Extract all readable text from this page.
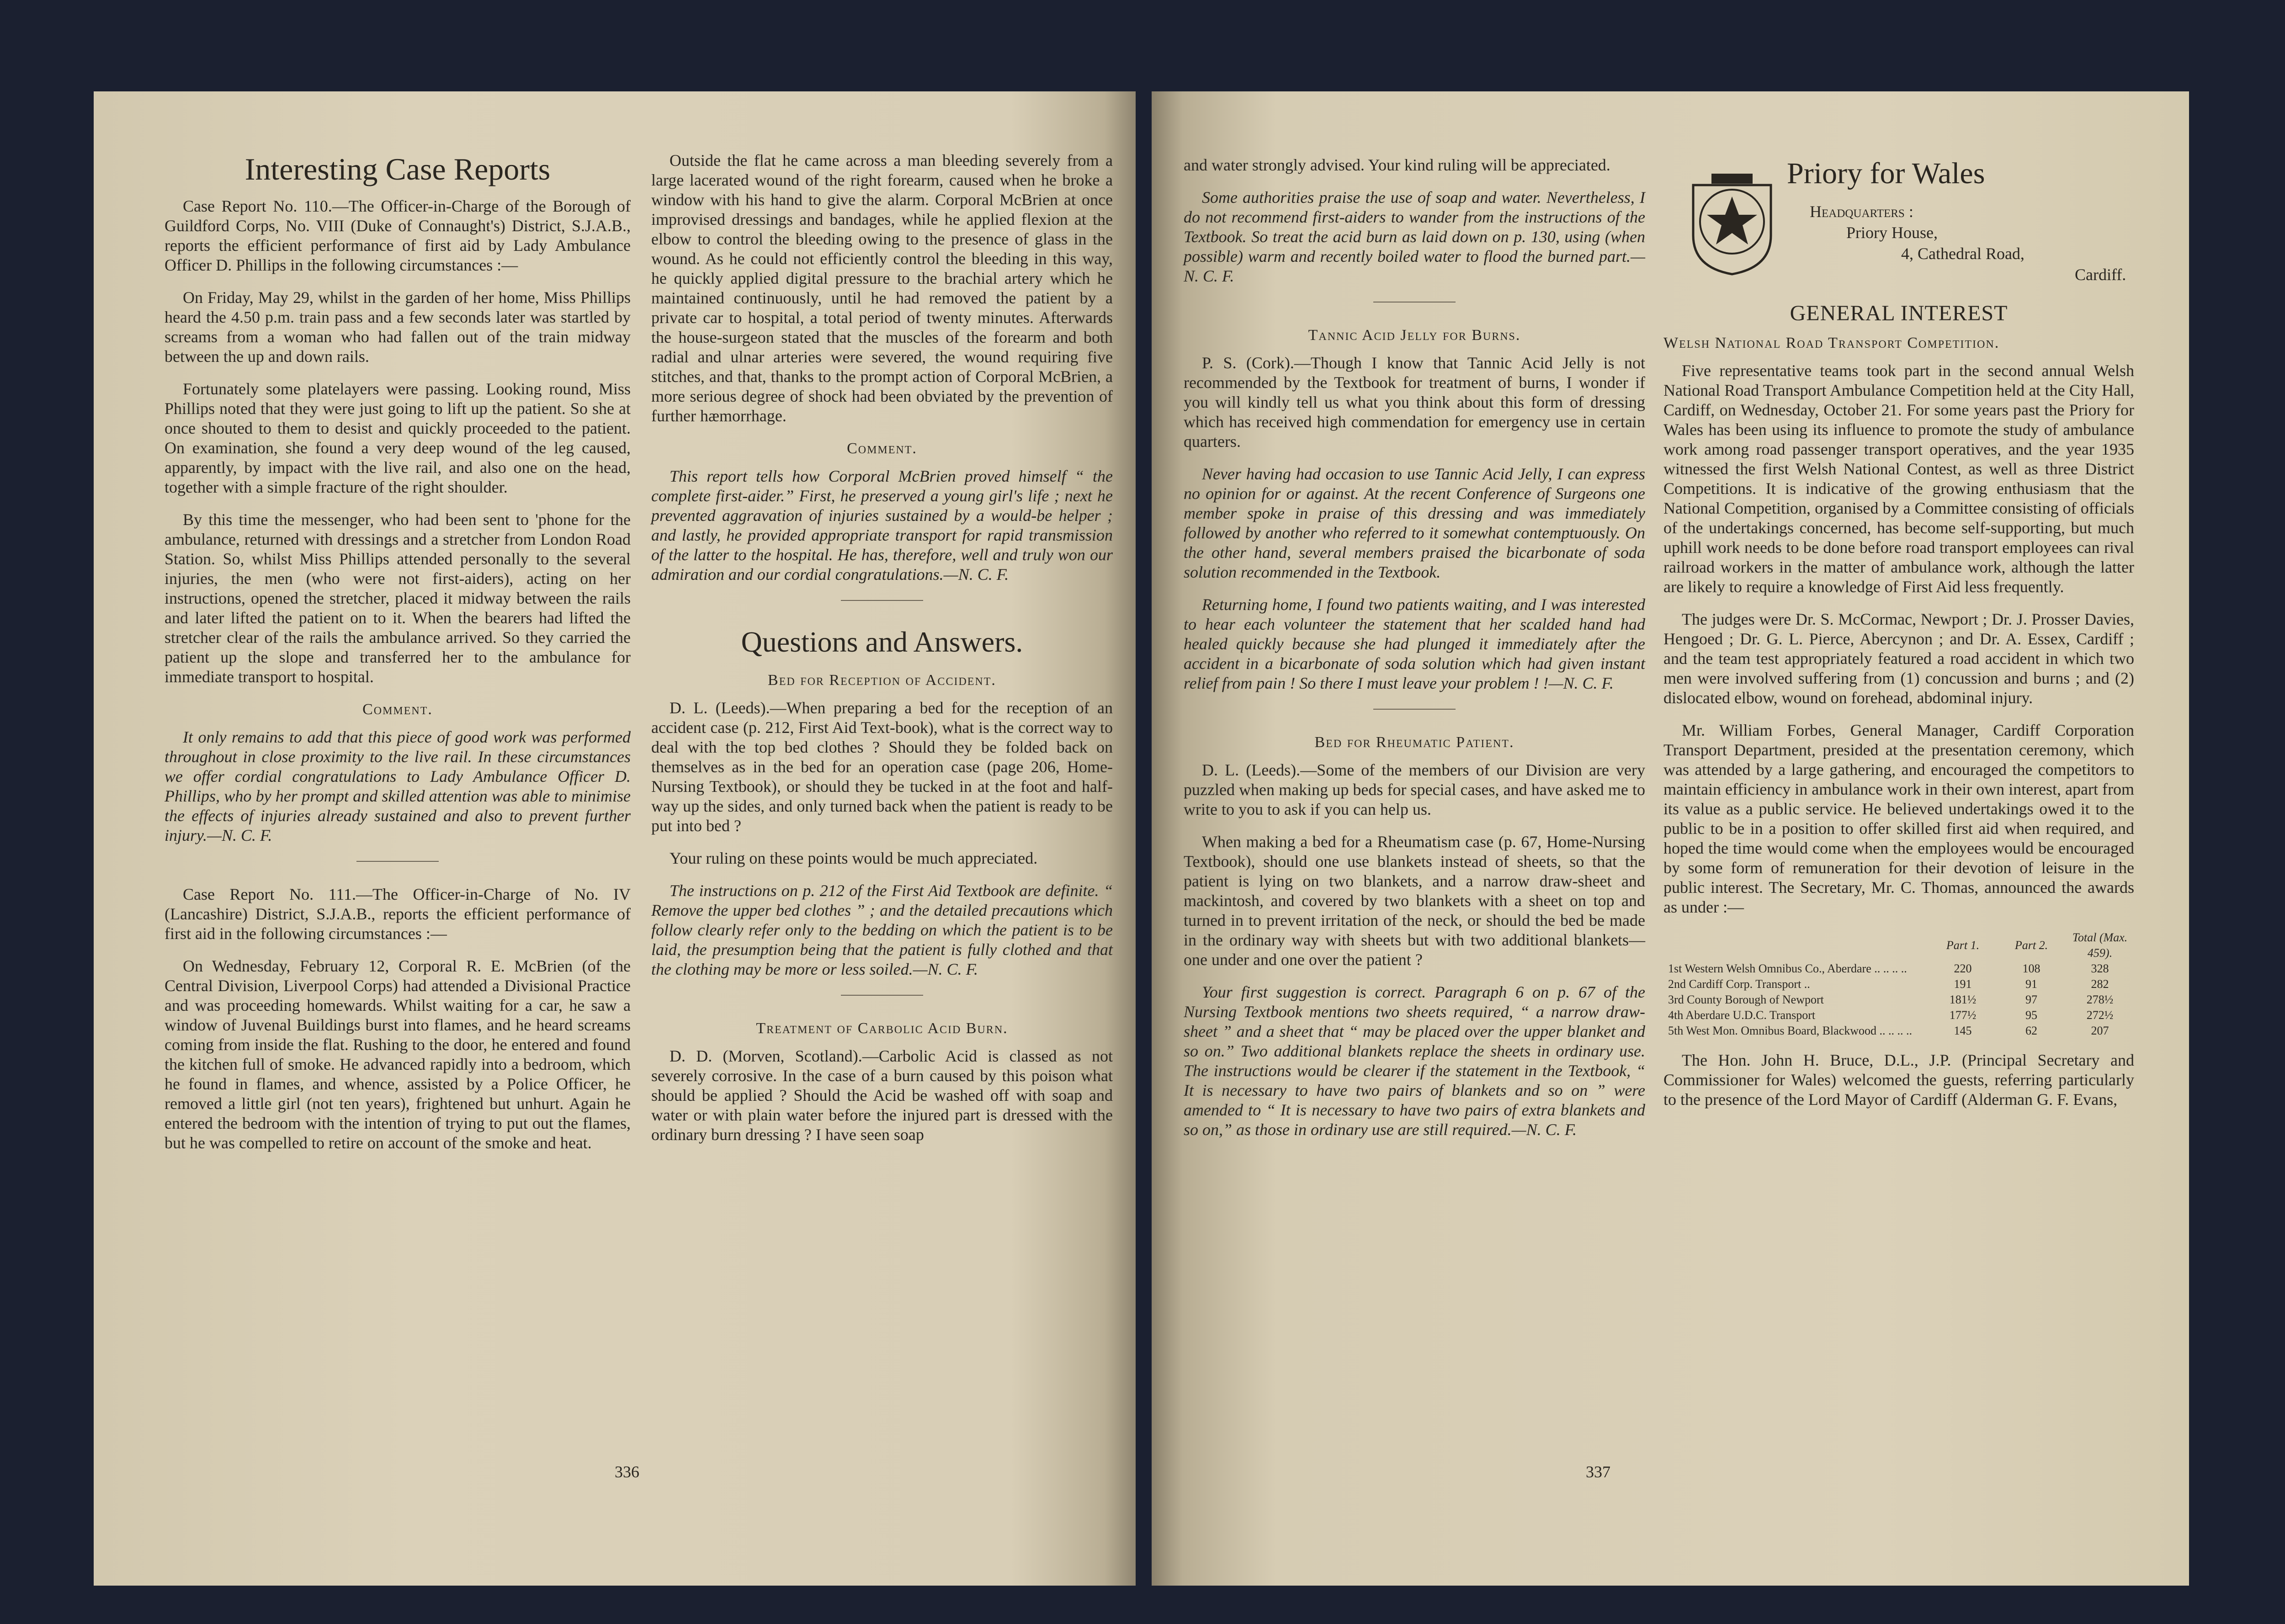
Interesting Case Reports

Case Report No. 110.—The Officer-in-Charge of the Borough of Guildford Corps, No. VIII (Duke of Connaught's) District, S.J.A.B., reports the efficient performance of first aid by Lady Ambulance Officer D. Phillips in the following circumstances :—

On Friday, May 29, whilst in the garden of her home, Miss Phillips heard the 4.50 p.m. train pass and a few seconds later was startled by screams from a woman who had fallen out of the train midway between the up and down rails.

Fortunately some platelayers were passing. Looking round, Miss Phillips noted that they were just going to lift up the patient. So she at once shouted to them to desist and quickly proceeded to the patient. On examination, she found a very deep wound of the leg caused, apparently, by impact with the live rail, and also one on the head, together with a simple fracture of the right shoulder.

By this time the messenger, who had been sent to 'phone for the ambulance, returned with dressings and a stretcher from London Road Station. So, whilst Miss Phillips attended personally to the several injuries, the men (who were not first-aiders), acting on her instructions, opened the stretcher, placed it midway between the rails and later lifted the patient on to it. When the bearers had lifted the stretcher clear of the rails the ambulance arrived. So they carried the patient up the slope and transferred her to the ambulance for immediate transport to hospital.

Comment.

It only remains to add that this piece of good work was performed throughout in close proximity to the live rail. In these circumstances we offer cordial congratulations to Lady Ambulance Officer D. Phillips, who by her prompt and skilled attention was able to minimise the effects of injuries already sustained and also to prevent further injury.—N. C. F.

Case Report No. 111.—The Officer-in-Charge of No. IV (Lancashire) District, S.J.A.B., reports the efficient performance of first aid in the following circumstances :—

On Wednesday, February 12, Corporal R. E. McBrien (of the Central Division, Liverpool Corps) had attended a Divisional Practice and was proceeding homewards. Whilst waiting for a car, he saw a window of Juvenal Buildings burst into flames, and he heard screams coming from inside the flat. Rushing to the door, he entered and found the kitchen full of smoke. He advanced rapidly into a bedroom, which he found in flames, and whence, assisted by a Police Officer, he removed a little girl (not ten years), frightened but unhurt. Again he entered the bedroom with the intention of trying to put out the flames, but he was compelled to retire on account of the smoke and heat.

Outside the flat he came across a man bleeding severely from a large lacerated wound of the right forearm, caused when he broke a window with his hand to give the alarm. Corporal McBrien at once improvised dressings and bandages, while he applied flexion at the elbow to control the bleeding owing to the presence of glass in the wound. As he could not efficiently control the bleeding in this way, he quickly applied digital pressure to the brachial artery which he maintained continuously, until he had removed the patient by a private car to hospital, a total period of twenty minutes. Afterwards the house-surgeon stated that the muscles of the forearm and both radial and ulnar arteries were severed, the wound requiring five stitches, and that, thanks to the prompt action of Corporal McBrien, a more serious degree of shock had been obviated by the prevention of further hæmorrhage.

Comment.

This report tells how Corporal McBrien proved himself “ the complete first-aider.” First, he preserved a young girl's life ; next he prevented aggravation of injuries sustained by a would-be helper ; and lastly, he provided appropriate transport for rapid transmission of the latter to the hospital. He has, therefore, well and truly won our admiration and our cordial congratulations.—N. C. F.

Questions and Answers.
Bed for Reception of Accident.

D. L. (Leeds).—When preparing a bed for the reception of an accident case (p. 212, First Aid Text-book), what is the correct way to deal with the top bed clothes ? Should they be folded back on themselves as in the bed for an operation case (page 206, Home-Nursing Textbook), or should they be tucked in at the foot and half-way up the sides, and only turned back when the patient is ready to be put into bed ?

Your ruling on these points would be much appreciated.

The instructions on p. 212 of the First Aid Textbook are definite. “ Remove the upper bed clothes ” ; and the detailed precautions which follow clearly refer only to the bedding on which the patient is to be laid, the presumption being that the patient is fully clothed and that the clothing may be more or less soiled.—N. C. F.

Treatment of Carbolic Acid Burn.

D. D. (Morven, Scotland).—Carbolic Acid is classed as not severely corrosive. In the case of a burn caused by this poison what should be applied ? Should the Acid be washed off with soap and water or with plain water before the injured part is dressed with the ordinary burn dressing ? I have seen soap

336

and water strongly advised. Your kind ruling will be appreciated.

Some authorities praise the use of soap and water. Nevertheless, I do not recommend first-aiders to wander from the instructions of the Textbook. So treat the acid burn as laid down on p. 130, using (when possible) warm and recently boiled water to flood the burned part.—N. C. F.

Tannic Acid Jelly for Burns.

P. S. (Cork).—Though I know that Tannic Acid Jelly is not recommended by the Textbook for treatment of burns, I wonder if you will kindly tell us what you think about this form of dressing which has received high commendation for emergency use in certain quarters.

Never having had occasion to use Tannic Acid Jelly, I can express no opinion for or against. At the recent Conference of Surgeons one member spoke in praise of this dressing and was immediately followed by another who referred to it somewhat contemptuously. On the other hand, several members praised the bicarbonate of soda solution recommended in the Textbook.

Returning home, I found two patients waiting, and I was interested to hear each volunteer the statement that her scalded hand had healed quickly because she had plunged it immediately after the accident in a bicarbonate of soda solution which had given instant relief from pain ! So there I must leave your problem ! !—N. C. F.

Bed for Rheumatic Patient.

D. L. (Leeds).—Some of the members of our Division are very puzzled when making up beds for special cases, and have asked me to write to you to ask if you can help us.

When making a bed for a Rheumatism case (p. 67, Home-Nursing Textbook), should one use blankets instead of sheets, so that the patient is lying on two blankets, and a narrow draw-sheet and mackintosh, and covered by two blankets with a sheet on top and turned in to prevent irritation of the neck, or should the bed be made in the ordinary way with sheets but with two additional blankets—one under and one over the patient ?

Your first suggestion is correct. Paragraph 6 on p. 67 of the Nursing Textbook mentions two sheets required, “ a narrow draw-sheet ” and a sheet that “ may be placed over the upper blanket and so on.” Two additional blankets replace the sheets in ordinary use. The instructions would be clearer if the statement in the Textbook, “ It is necessary to have two pairs of blankets and so on ” were amended to “ It is necessary to have two pairs of extra blankets and so on,” as those in ordinary use are still required.—N. C. F.

Priory for Wales
Headquarters :
Priory House,
4, Cathedral Road,
Cardiff.
GENERAL INTEREST
Welsh National Road Transport Competition.

Five representative teams took part in the second annual Welsh National Road Transport Ambulance Competition held at the City Hall, Cardiff, on Wednesday, October 21. For some years past the Priory for Wales has been using its influence to promote the study of ambulance work among road passenger transport operatives, and the year 1935 witnessed the first Welsh National Contest, as well as three District Competitions. It is indicative of the growing enthusiasm that the National Competition, organised by a Committee consisting of officials of the undertakings concerned, has become self-supporting, but much uphill work needs to be done before road transport employees can rival railroad workers in the matter of ambulance work, although the latter are likely to require a knowledge of First Aid less frequently.

The judges were Dr. S. McCormac, Newport ; Dr. J. Prosser Davies, Hengoed ; Dr. G. L. Pierce, Abercynon ; and Dr. A. Essex, Cardiff ; and the team test appropriately featured a road accident in which two men were involved suffering from (1) concussion and burns ; and (2) dislocated elbow, wound on forehead, abdominal injury.

Mr. William Forbes, General Manager, Cardiff Corporation Transport Department, presided at the presentation ceremony, which was attended by a large gathering, and encouraged the competitors to maintain efficiency in ambulance work in their own interest, apart from its value as a public service. He believed undertakings owed it to the public to be in a position to offer skilled first aid when required, and hoped the time would come when the employees would be encouraged by some form of remuneration for their devotion of leisure in the public interest. The Secretary, Mr. C. Thomas, announced the awards as under :—

	Part 1.	Part 2.	Total (Max. 459).
1st Western Welsh Omnibus Co., Aberdare .. .. .. ..	220	108	328
2nd Cardiff Corp. Transport ..	191	91	282
3rd County Borough of Newport	181½	97	278½
4th Aberdare U.D.C. Transport	177½	95	272½
5th West Mon. Omnibus Board, Blackwood .. .. .. ..	145	62	207

The Hon. John H. Bruce, D.L., J.P. (Principal Secretary and Commissioner for Wales) welcomed the guests, referring particularly to the presence of the Lord Mayor of Cardiff (Alderman G. F. Evans,

337
